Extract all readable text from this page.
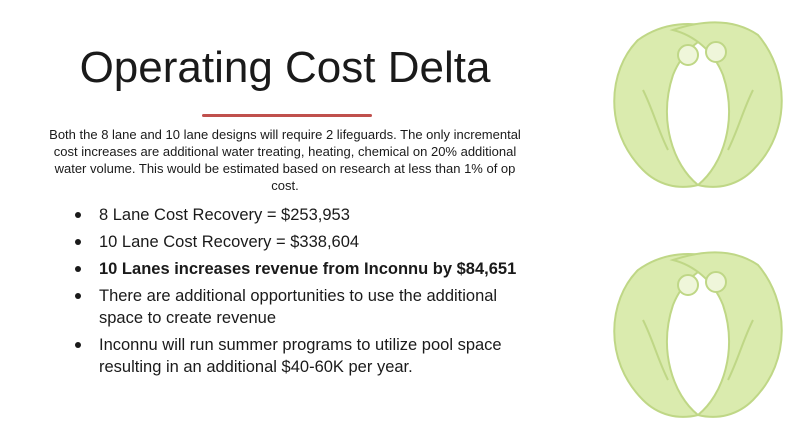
Operating Cost Delta
Both the 8 lane and 10 lane designs will require 2 lifeguards. The only incremental cost increases are additional water treating, heating, chemical on 20% additional water volume. This would be estimated based on research at less than 1% of op cost.
8 Lane Cost Recovery = $253,953
10 Lane Cost Recovery = $338,604
10 Lanes increases revenue from Inconnu by $84,651
There are additional opportunities to use the additional space to create revenue
Inconnu will run summer programs to utilize pool space resulting in an additional $40-60K per year.
